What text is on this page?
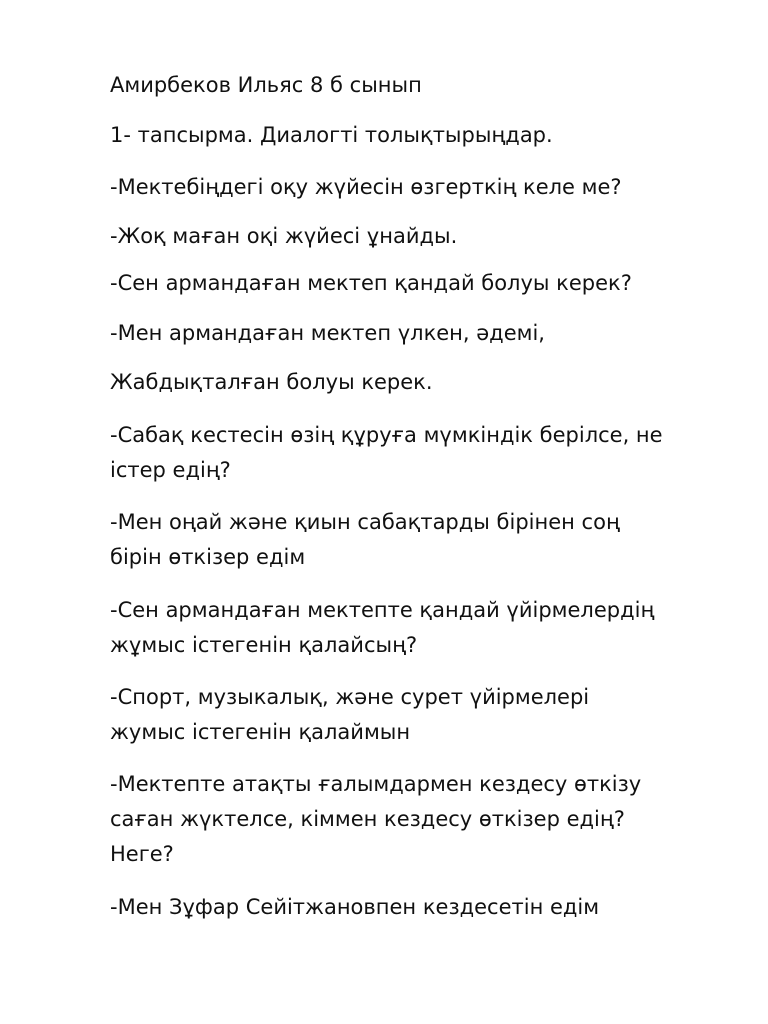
Амирбеков Ильяс 8 б сынып

1- тапсырма. Диалогті толықтырыңдар.

-Мектебіңдегі оқу жүйесін өзгерткің келе ме?

-Жоқ маған оқі жүйесі ұнайды.

-Сен армандаған мектеп қандай болуы керек?

-Мен армандаған мектеп үлкен, әдемі,

Жабдықталған болуы керек.

-Сабақ кестесін өзің құруға мүмкіндік берілсе, не
істер едің?

-Мен оңай және қиын сабақтарды бірінен соң
бірін өткізер едім

-Сен армандаған мектепте қандай үйірмелердің
жұмыс істегенін қалайсың?

-Спорт, музыкалық, және сурет үйірмелері
жумыс істегенін қалаймын

-Мектепте атақты ғалымдармен кездесу өткізу
саған жүктелсе, кіммен кездесу өткізер едің?
Неге?

-Мен Зұфар Сейітжановпен кездесетін едім
